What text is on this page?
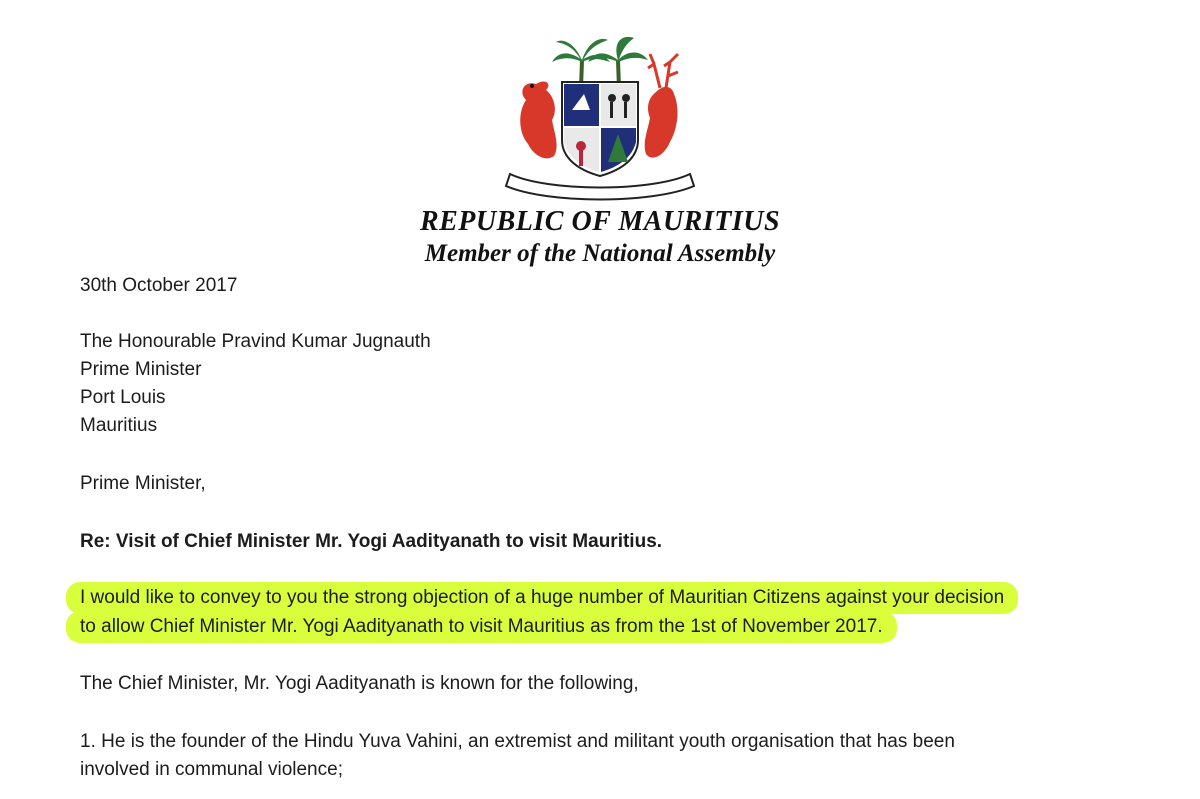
REPUBLIC OF MAURITIUS
Member of the National Assembly
30th October 2017
The Honourable Pravind Kumar Jugnauth
Prime Minister
Port Louis
Mauritius
Prime Minister,
Re: Visit of Chief Minister Mr. Yogi Aadityanath to visit Mauritius.
I would like to convey to you the strong objection of a huge number of Mauritian Citizens against your decision
to allow Chief Minister Mr. Yogi Aadityanath to visit Mauritius as from the 1st of November 2017.
The Chief Minister, Mr. Yogi Aadityanath is known for the following,
1. He is the founder of the Hindu Yuva Vahini, an extremist and militant youth organisation that has been
involved in communal violence;
